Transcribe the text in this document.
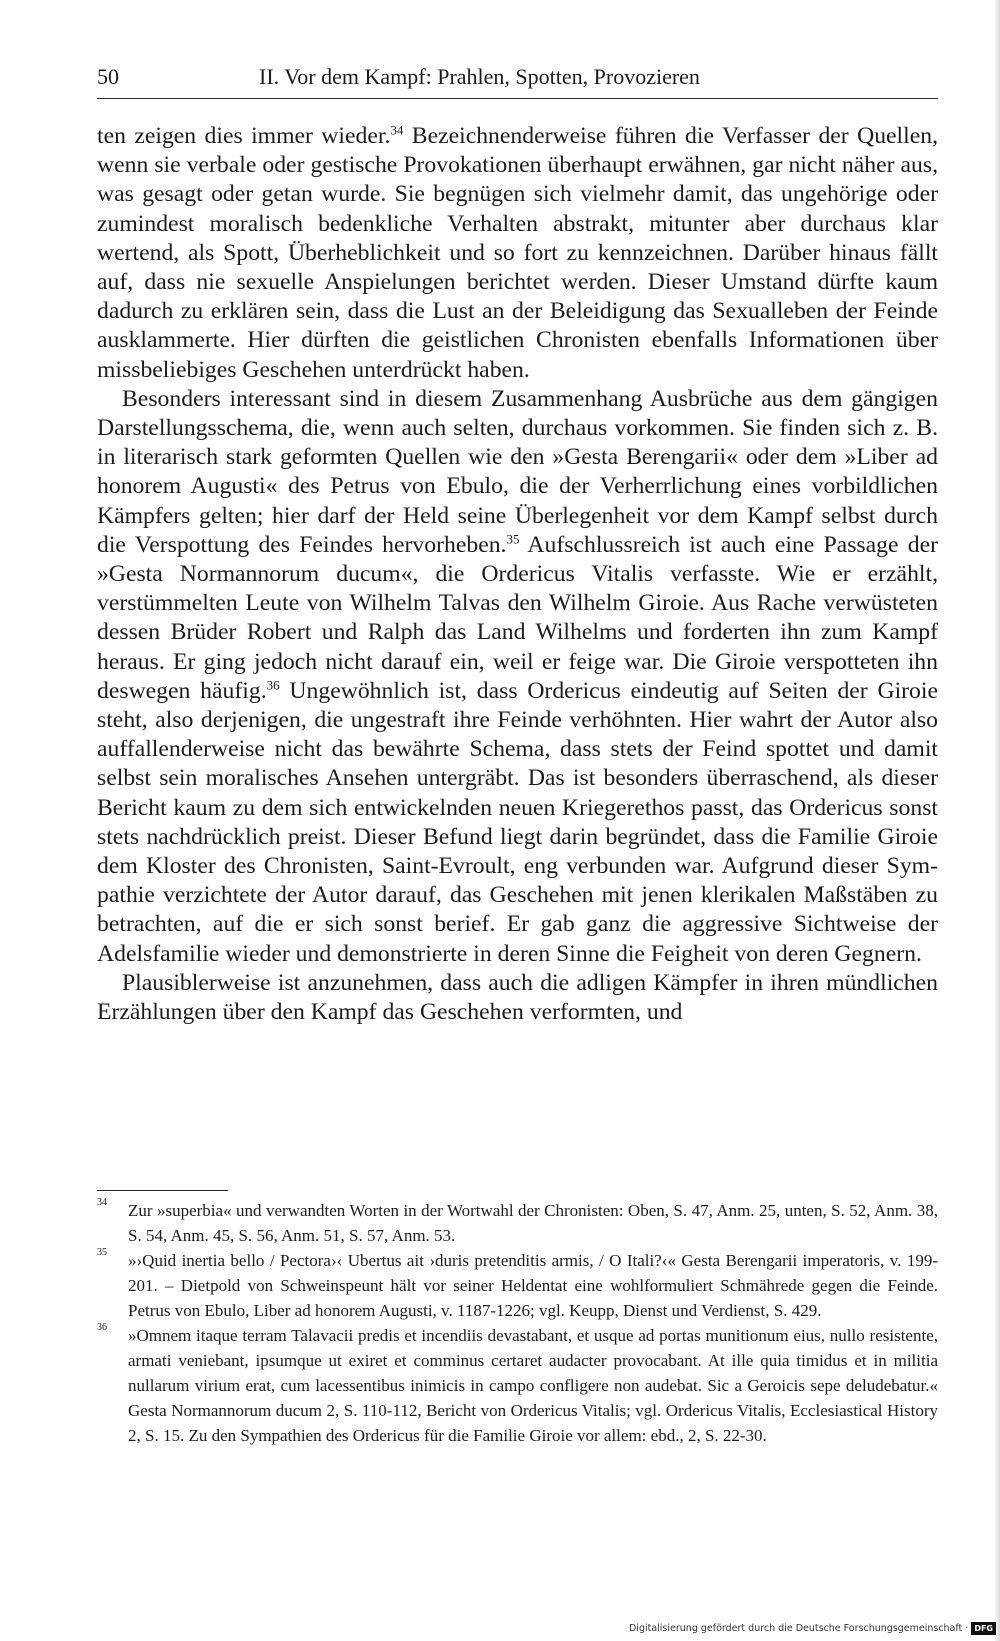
50	II. Vor dem Kampf: Prahlen, Spotten, Provozieren

ten zeigen dies immer wieder.$^{34}$ Bezeichnenderweise führen die Verfasser der Quellen, wenn sie verbale oder gestische Provokationen überhaupt erwähnen, gar nicht näher aus, was gesagt oder getan wurde. Sie begnügen sich vielmehr damit, das ungehörige oder zumindest moralisch bedenkliche Verhalten abstrakt, mitunter aber durchaus klar wertend, als Spott, Überheblichkeit und so fort zu kennzeichnen. Darüber hinaus fällt auf, dass nie sexuelle Anspielungen berichtet werden. Dieser Umstand dürfte kaum dadurch zu erklären sein, dass die Lust an der Beleidigung das Sexualleben der Feinde ausklammerte. Hier dürften die geistlichen Chronisten ebenfalls Informationen über missbeliebiges Geschehen unterdrückt haben.

Besonders interessant sind in diesem Zusammenhang Ausbrüche aus dem gängigen Darstellungsschema, die, wenn auch selten, durchaus vorkommen. Sie finden sich z. B. in literarisch stark geformten Quellen wie den »Gesta Berengarii« oder dem »Liber ad honorem Augusti« des Petrus von Ebulo, die der Verherrlichung eines vorbildlichen Kämpfers gelten; hier darf der Held seine Überlegenheit vor dem Kampf selbst durch die Verspottung des Feindes hervorheben.$^{35}$ Aufschlussreich ist auch eine Passage der »Gesta Normannorum ducum«, die Ordericus Vitalis verfasste. Wie er erzählt, verstümmelten Leute von Wilhelm Talvas den Wilhelm Giroie. Aus Rache verwüsteten dessen Brüder Robert und Ralph das Land Wilhelms und forderten ihn zum Kampf heraus. Er ging jedoch nicht darauf ein, weil er feige war. Die Giroie verspotteten ihn deswegen häufig.$^{36}$ Ungewöhnlich ist, dass Ordericus eindeutig auf Seiten der Giroie steht, also derjenigen, die ungestraft ihre Feinde verhöhnten. Hier wahrt der Autor also auffallenderweise nicht das bewährte Schema, dass stets der Feind spottet und damit selbst sein moralisches Ansehen untergräbt. Das ist besonders überraschend, als dieser Bericht kaum zu dem sich entwickelnden neuen Kriegerethos passt, das Ordericus sonst stets nachdrücklich preist. Dieser Befund liegt darin begründet, dass die Familie Giroie dem Kloster des Chronisten, Saint-Evroult, eng verbunden war. Aufgrund dieser Sympathie verzichtete der Autor darauf, das Geschehen mit jenen klerikalen Maßstäben zu betrachten, auf die er sich sonst berief. Er gab ganz die aggressive Sichtweise der Adelsfamilie wieder und demonstrierte in deren Sinne die Feigheit von deren Gegnern.

Plausiblerweise ist anzunehmen, dass auch die adligen Kämpfer in ihren mündlichen Erzählungen über den Kampf das Geschehen verformten, und

34 Zur »superbia« und verwandten Worten in der Wortwahl der Chronisten: Oben, S. 47, Anm. 25, unten, S. 52, Anm. 38, S. 54, Anm. 45, S. 56, Anm. 51, S. 57, Anm. 53.

35 »›Quid inertia bello / Pectora›‹ Ubertus ait ›duris pretenditis armis, / O Itali?‹« Gesta Berengarii imperatoris, v. 199-201. – Dietpold von Schweinspeunt hält vor seiner Heldentat eine wohlformuliert Schmährede gegen die Feinde. Petrus von Ebulo, Liber ad honorem Augusti, v. 1187-1226; vgl. Keupp, Dienst und Verdienst, S. 429.

36 »Omnem itaque terram Talavacii predis et incendiis devastabant, et usque ad portas munitionum eius, nullo resistente, armati veniebant, ipsumque ut exiret et comminus certaret audacter provocabant. At ille quia timidus et in militia nullarum virium erat, cum lacessentibus inimicis in campo confligere non audebat. Sic a Geroicis sepe deludebatur.« Gesta Normannorum ducum 2, S. 110-112, Bericht von Ordericus Vitalis; vgl. Ordericus Vitalis, Ecclesiastical History 2, S. 15. Zu den Sympathien des Ordericus für die Familie Giroie vor allem: ebd., 2, S. 22-30.

Digitalisierung gefördert durch die Deutsche Forschungsgemeinschaft · DFG
